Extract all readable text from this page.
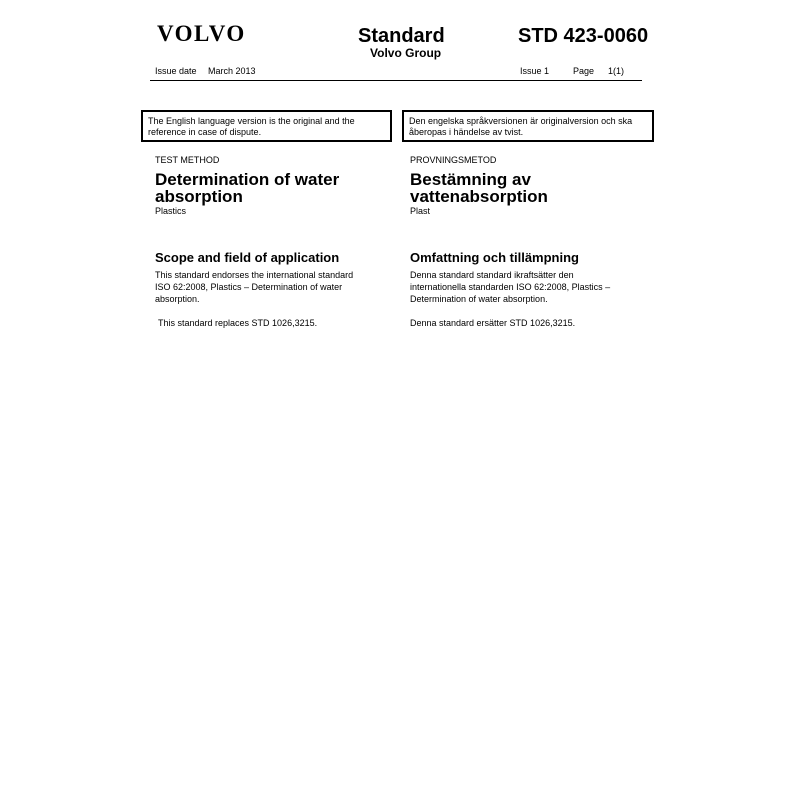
VOLVO	Standard
Volvo Group
STD 423-0060
Issue date March 2013	Issue 1	Page 1(1)
The English language version is the original and the reference in case of dispute.
Den engelska språkversionen är originalversion och ska åberopas i händelse av tvist.
TEST METHOD
Determination of water
absorption
Plastics
Scope and field of application
This standard endorses the international standard
ISO 62:2008, Plastics – Determination of water
absorption.
This standard replaces STD 1026,3215.
PROVNINGSMETOD
Bestämning av
vattenabsorption
Plast
Omfattning och tillämpning
Denna standard standard ikraftsätter den
internationella standarden ISO 62:2008, Plastics –
Determination of water absorption.
Denna standard ersätter STD 1026,3215.
